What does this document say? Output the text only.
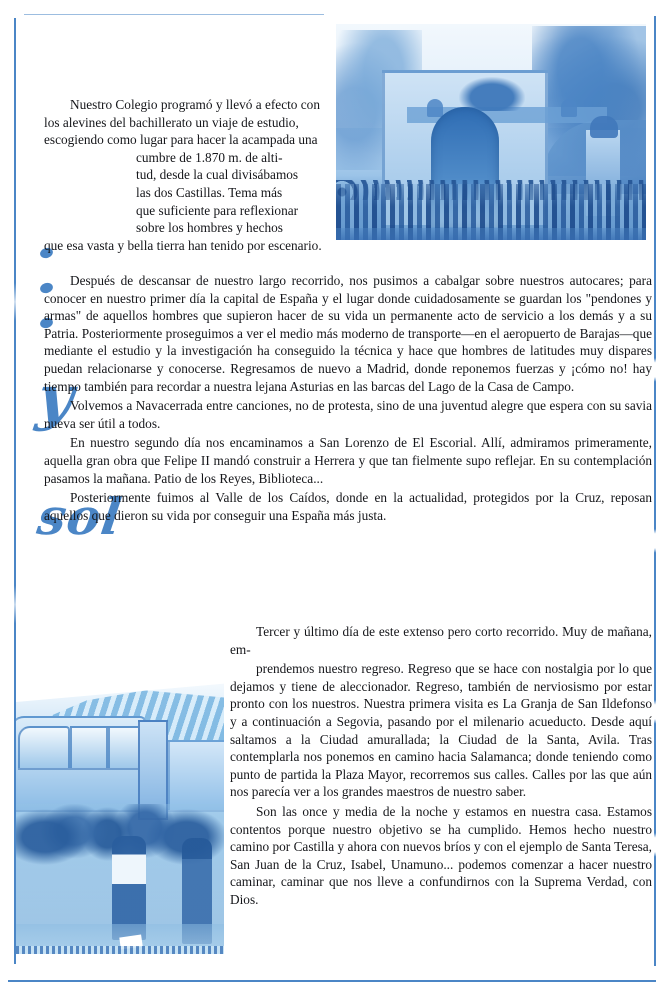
y
sol
Nuestro Colegio programó y llevó a efecto con
los alevines del bachillerato un viaje de estudio,
escogiendo como lugar para hacer la acampada una
cumbre de 1.870 m. de alti-
tud, desde la cual divisábamos
las dos Castillas. Tema más
que suficiente para reflexionar
sobre los hombres y hechos
que esa vasta y bella tierra han tenido por escenario.

Después de descansar de nuestro largo recorrido, nos pusimos a cabalgar sobre nuestros autocares; para conocer en nuestro primer día la capital de España y el lugar donde cuidadosamente se guardan los "pendones y armas" de aquellos hombres que supieron hacer de su vida un permanente acto de servicio a los demás y a su Patria. Posteriormente proseguimos a ver el medio más moderno de transporte—en el aeropuerto de Barajas—que mediante el estudio y la investigación ha conseguido la técnica y hace que hombres de latitudes muy dispares puedan relacionarse y conocerse. Regresamos de nuevo a Madrid, donde reponemos fuerzas y ¡cómo no! hay tiempo también para recordar a nuestra lejana Asturias en las barcas del Lago de la Casa de Campo.

Volvemos a Navacerrada entre canciones, no de protesta, sino de una juventud alegre que espera con su savia nueva ser útil a todos.

En nuestro segundo día nos encaminamos a San Lorenzo de El Escorial. Allí, admiramos primeramente, aquella gran obra que Felipe II mandó construir a Herrera y que tan fielmente supo reflejar. En su contemplación pasamos la mañana. Patio de los Reyes, Biblioteca...

Posteriormente fuimos al Valle de los Caídos, donde en la actualidad, protegidos por la Cruz, reposan aquellos que dieron su vida por conseguir una España más justa.

Tercer y último día de este extenso pero corto recorrido. Muy de mañana, em-

prendemos nuestro regreso. Regreso que se hace con nostalgia por lo que dejamos y tiene de aleccionador. Regreso, también de nerviosismo por estar pronto con los nuestros. Nuestra primera visita es La Granja de San Ildefonso y a continuación a Segovia, pasando por el milenario acueducto. Desde aquí saltamos a la Ciudad amurallada; la Ciudad de la Santa, Avila. Tras contemplarla nos ponemos en camino hacia Salamanca; donde teniendo como punto de partida la Plaza Mayor, recorremos sus calles. Calles por las que aún nos parecía ver a los grandes maestros de nuestro saber.

Son las once y media de la noche y estamos en nuestra casa. Estamos contentos porque nuestro objetivo se ha cumplido. Hemos hecho nuestro camino por Castilla y ahora con nuevos bríos y con el ejemplo de Santa Teresa, San Juan de la Cruz, Isabel, Unamuno... podemos comenzar a hacer nuestro caminar, caminar que nos lleve a confundirnos con la Suprema Verdad, con Dios.
